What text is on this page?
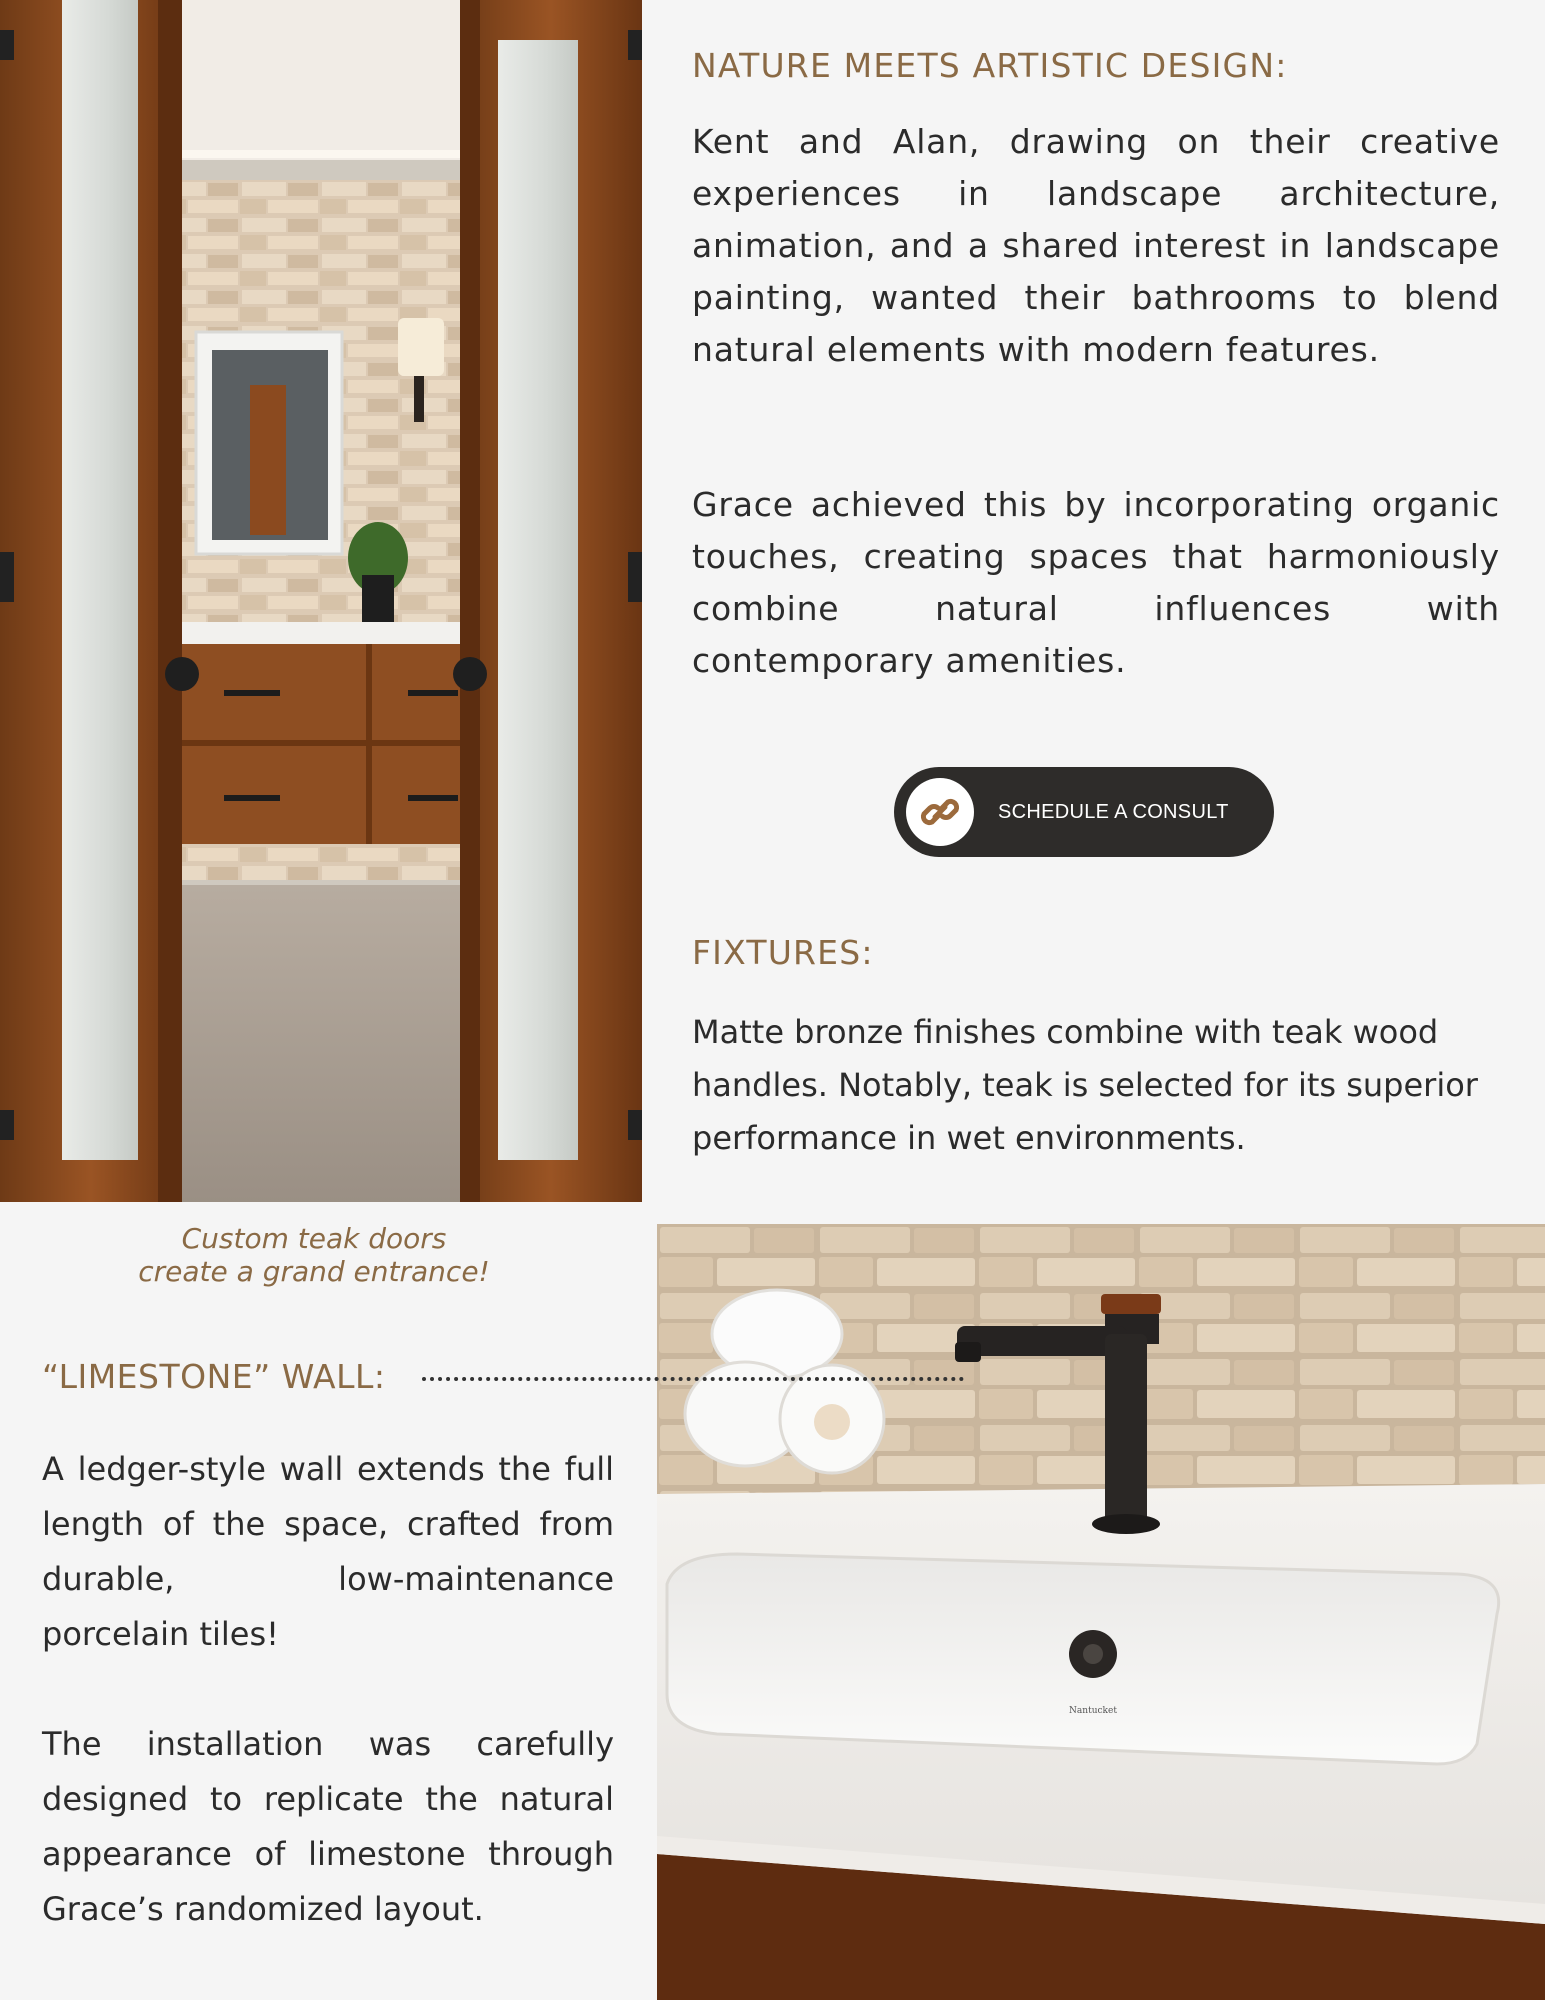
NATURE MEETS ARTISTIC DESIGN:

Kent and Alan, drawing on their creative experiences in landscape architecture, animation, and a shared interest in landscape painting, wanted their bathrooms to blend natural elements with modern features.

Grace achieved this by incorporating organic touches, creating spaces that harmoniously combine natural influences with contemporary amenities.

SCHEDULE A CONSULT
FIXTURES:

Matte bronze finishes combine with teak wood handles. Notably, teak is selected for its superior performance in wet environments.

Custom teak doors
create a grand entrance!
“LIMESTONE” WALL:

A ledger-style wall extends the full length of the space, crafted from durable, low-maintenance porcelain tiles!

The installation was carefully designed to replicate the natural appearance of limestone through Grace’s randomized layout.

Nantucket
